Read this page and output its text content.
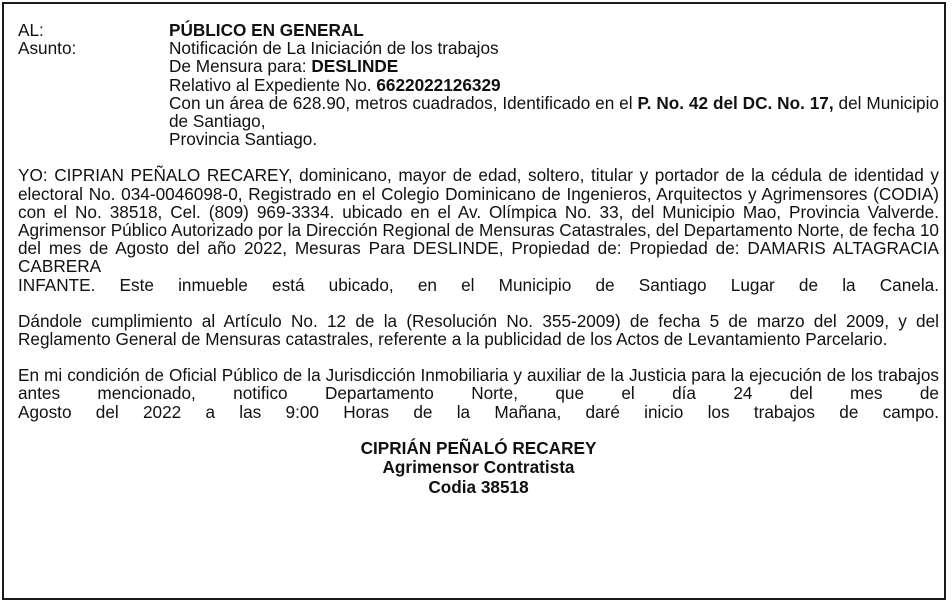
AL:	PÚBLICO EN GENERAL
Asunto:	Notificación de La Iniciación de los trabajos
De Mensura para: DESLINDE
Relativo al Expediente No. 6622022126329
Con un área de 628.90, metros cuadrados, Identificado en el P. No. 42 del DC. No. 17, del Municipio de Santiago,
Provincia Santiago.

YO: CIPRIAN PEÑALO RECAREY, dominicano, mayor de edad, soltero, titular y portador de la cédula de identidad y electoral No. 034-0046098-0, Registrado en el Colegio Dominicano de Ingenieros, Arquitectos y Agrimensores (CODIA) con el No. 38518, Cel. (809) 969-3334. ubicado en el Av. Olímpica No. 33, del Municipio Mao, Provincia Valverde. Agrimensor Público Autorizado por la Dirección Regional de Mensuras Catastrales, del Departamento Norte, de fecha 10 del mes de Agosto del año 2022, Mesuras Para DESLINDE, Propiedad de: Propiedad de: DAMARIS ALTAGRACIA CABRERA

INFANTE. Este inmueble está ubicado, en el Municipio de Santiago Lugar de la Canela.

Dándole cumplimiento al Artículo No. 12 de la (Resolución No. 355-2009) de fecha 5 de marzo del 2009, y del Reglamento General de Mensuras catastrales, referente a la publicidad de los Actos de Levantamiento Parcelario.

En mi condición de Oficial Público de la Jurisdicción Inmobiliaria y auxiliar de la Justicia para la ejecución de los trabajos antes mencionado, notifico Departamento Norte, que el día 24 del mes de

Agosto del 2022 a las 9:00 Horas de la Mañana, daré inicio los trabajos de campo.

CIPRIÁN PEÑALÓ RECAREY
Agrimensor Contratista
Codia 38518
